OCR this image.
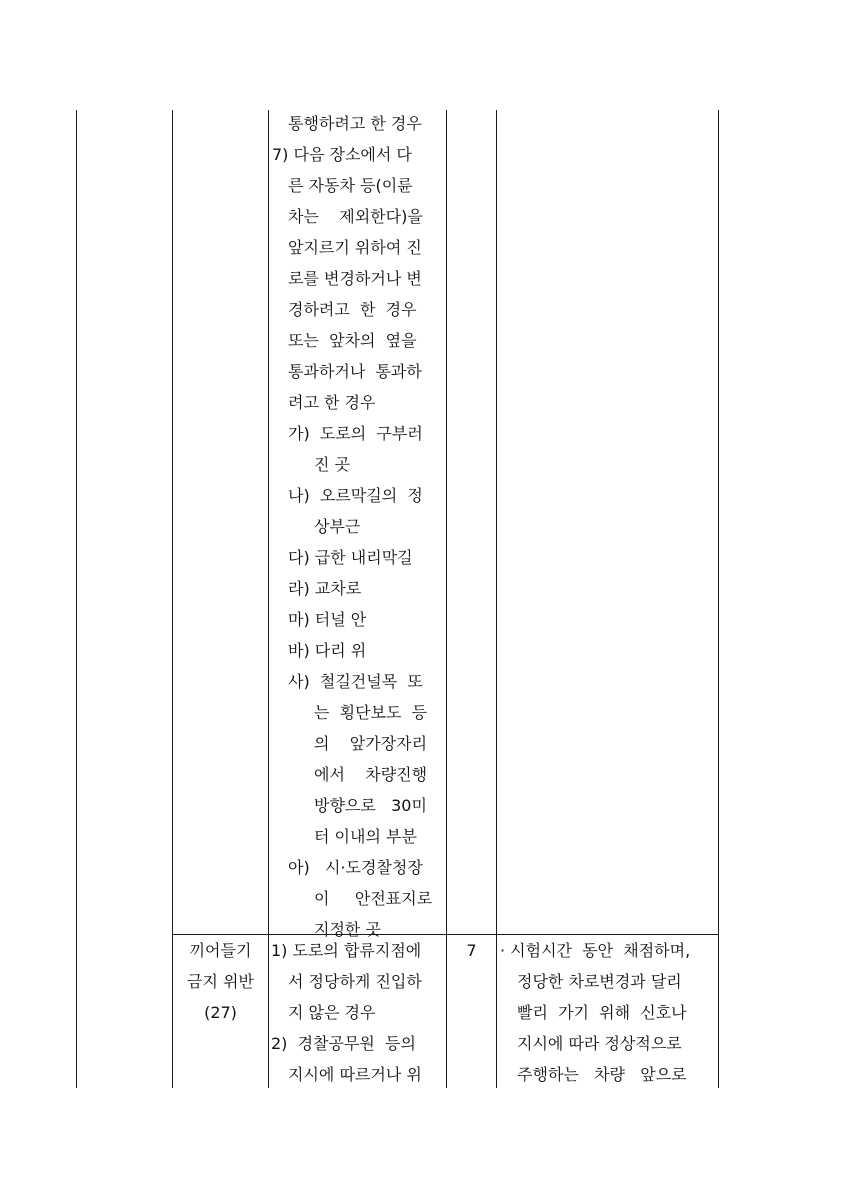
통행하려고 한 경우
7) 다음 장소에서 다
른 자동차 등(이륜
차는    제외한다)을
앞지르기 위하여 진
로를 변경하거나 변
경하려고  한  경우
또는  앞차의  옆을
통과하거나  통과하
려고 한 경우
가)  도로의  구부러
진 곳
나)  오르막길의  정
상부근
다) 급한 내리막길
라) 교차로
마) 터널 안
바) 다리 위
사)  철길건널목  또
는  횡단보도  등
의    앞가장자리
에서    차량진행
방향으로   30미
터 이내의 부분
아)   시·도경찰청장
이     안전표지로
지정한 곳
끼어들기
금지 위반
(27)
1) 도로의 합류지점에
서 정당하게 진입하
지 않은 경우
2)  경찰공무원  등의
지시에 따르거나 위
7	· 시험시간  동안  채점하며,
정당한 차로변경과 달리
빨리  가기  위해  신호나
지시에 따라 정상적으로
주행하는   차량   앞으로
